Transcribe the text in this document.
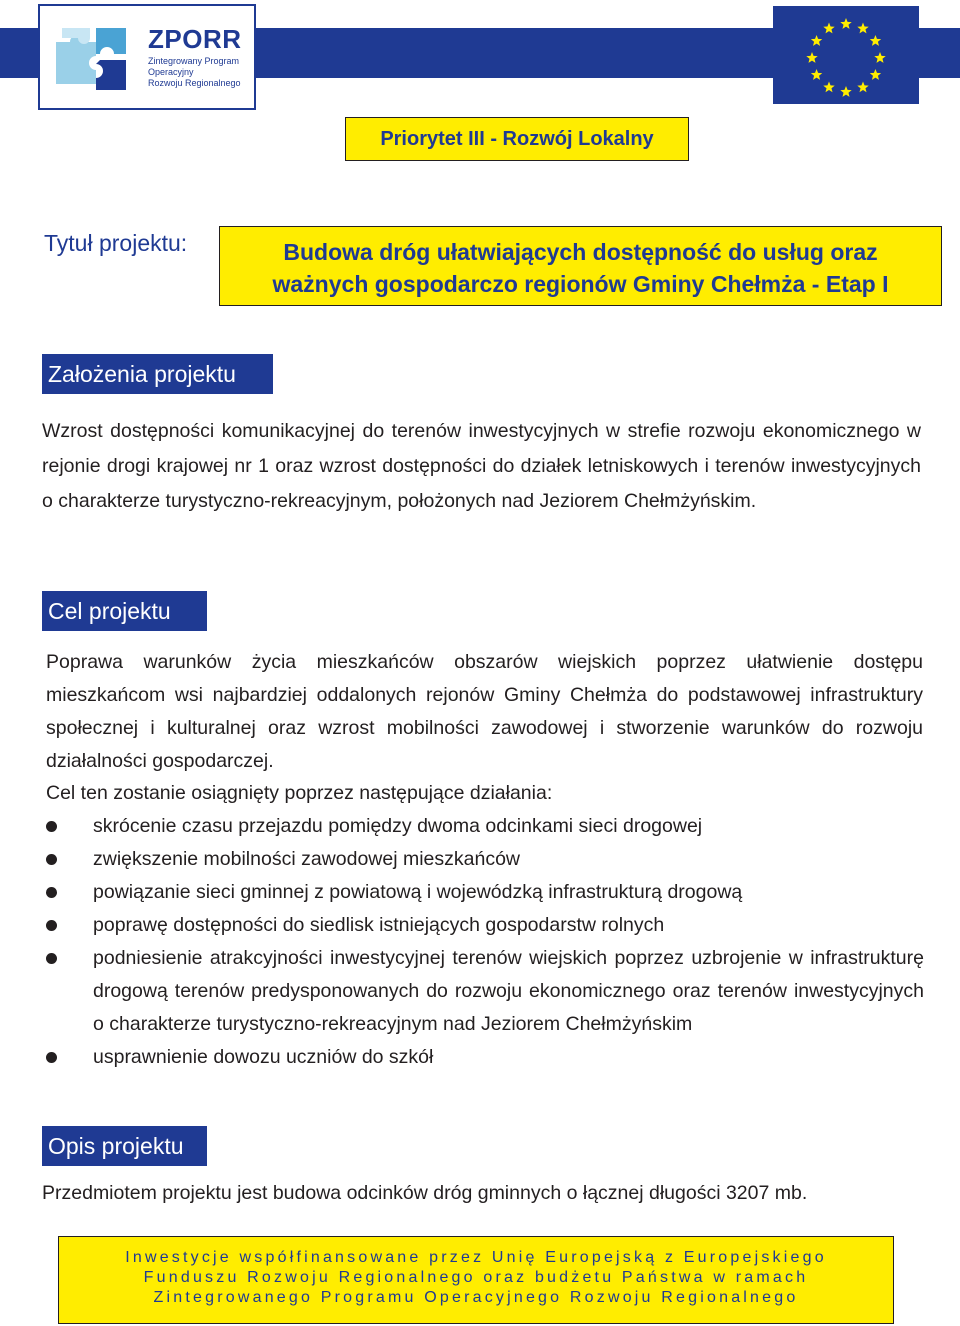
ZPORR
Zintegrowany Program
Operacyjny
Rozwoju Regionalnego
Priorytet III - Rozwój Lokalny
Tytuł projektu:	Budowa dróg ułatwiających dostępność do usług oraz
ważnych gospodarczo regionów Gminy Chełmża - Etap I
Założenia projektu
Wzrost dostępności komunikacyjnej do terenów inwestycyjnych w strefie rozwoju ekonomicznego w rejonie drogi krajowej nr 1 oraz wzrost dostępności do działek letniskowych i terenów inwestycyjnych o charakterze turystyczno-rekreacyjnym, położonych nad Jeziorem Chełmżyńskim.
Cel projektu
Poprawa warunków życia mieszkańców obszarów wiejskich poprzez ułatwienie dostępu mieszkańcom wsi najbardziej oddalonych rejonów Gminy Chełmża do podstawowej infrastruktury społecznej i kulturalnej oraz wzrost mobilności zawodowej i stworzenie warunków do rozwoju działalności gospodarczej.
Cel ten zostanie osiągnięty poprzez następujące działania:
skrócenie czasu przejazdu pomiędzy dwoma odcinkami sieci drogowej
zwiększenie mobilności zawodowej mieszkańców
powiązanie sieci gminnej z powiatową i wojewódzką infrastrukturą drogową
poprawę dostępności do siedlisk istniejących gospodarstw rolnych
podniesienie atrakcyjności inwestycyjnej terenów wiejskich poprzez uzbrojenie w infrastrukturę drogową terenów predysponowanych do rozwoju ekonomicznego oraz terenów inwestycyjnych o charakterze turystyczno-rekreacyjnym nad Jeziorem Chełmżyńskim
usprawnienie dowozu uczniów do szkół
Opis projektu
Przedmiotem projektu jest budowa odcinków dróg gminnych o łącznej długości 3207 mb.
Inwestycje współfinansowane przez Unię Europejską z Europejskiego
Funduszu Rozwoju Regionalnego oraz budżetu Państwa w ramach
Zintegrowanego Programu Operacyjnego Rozwoju Regionalnego
